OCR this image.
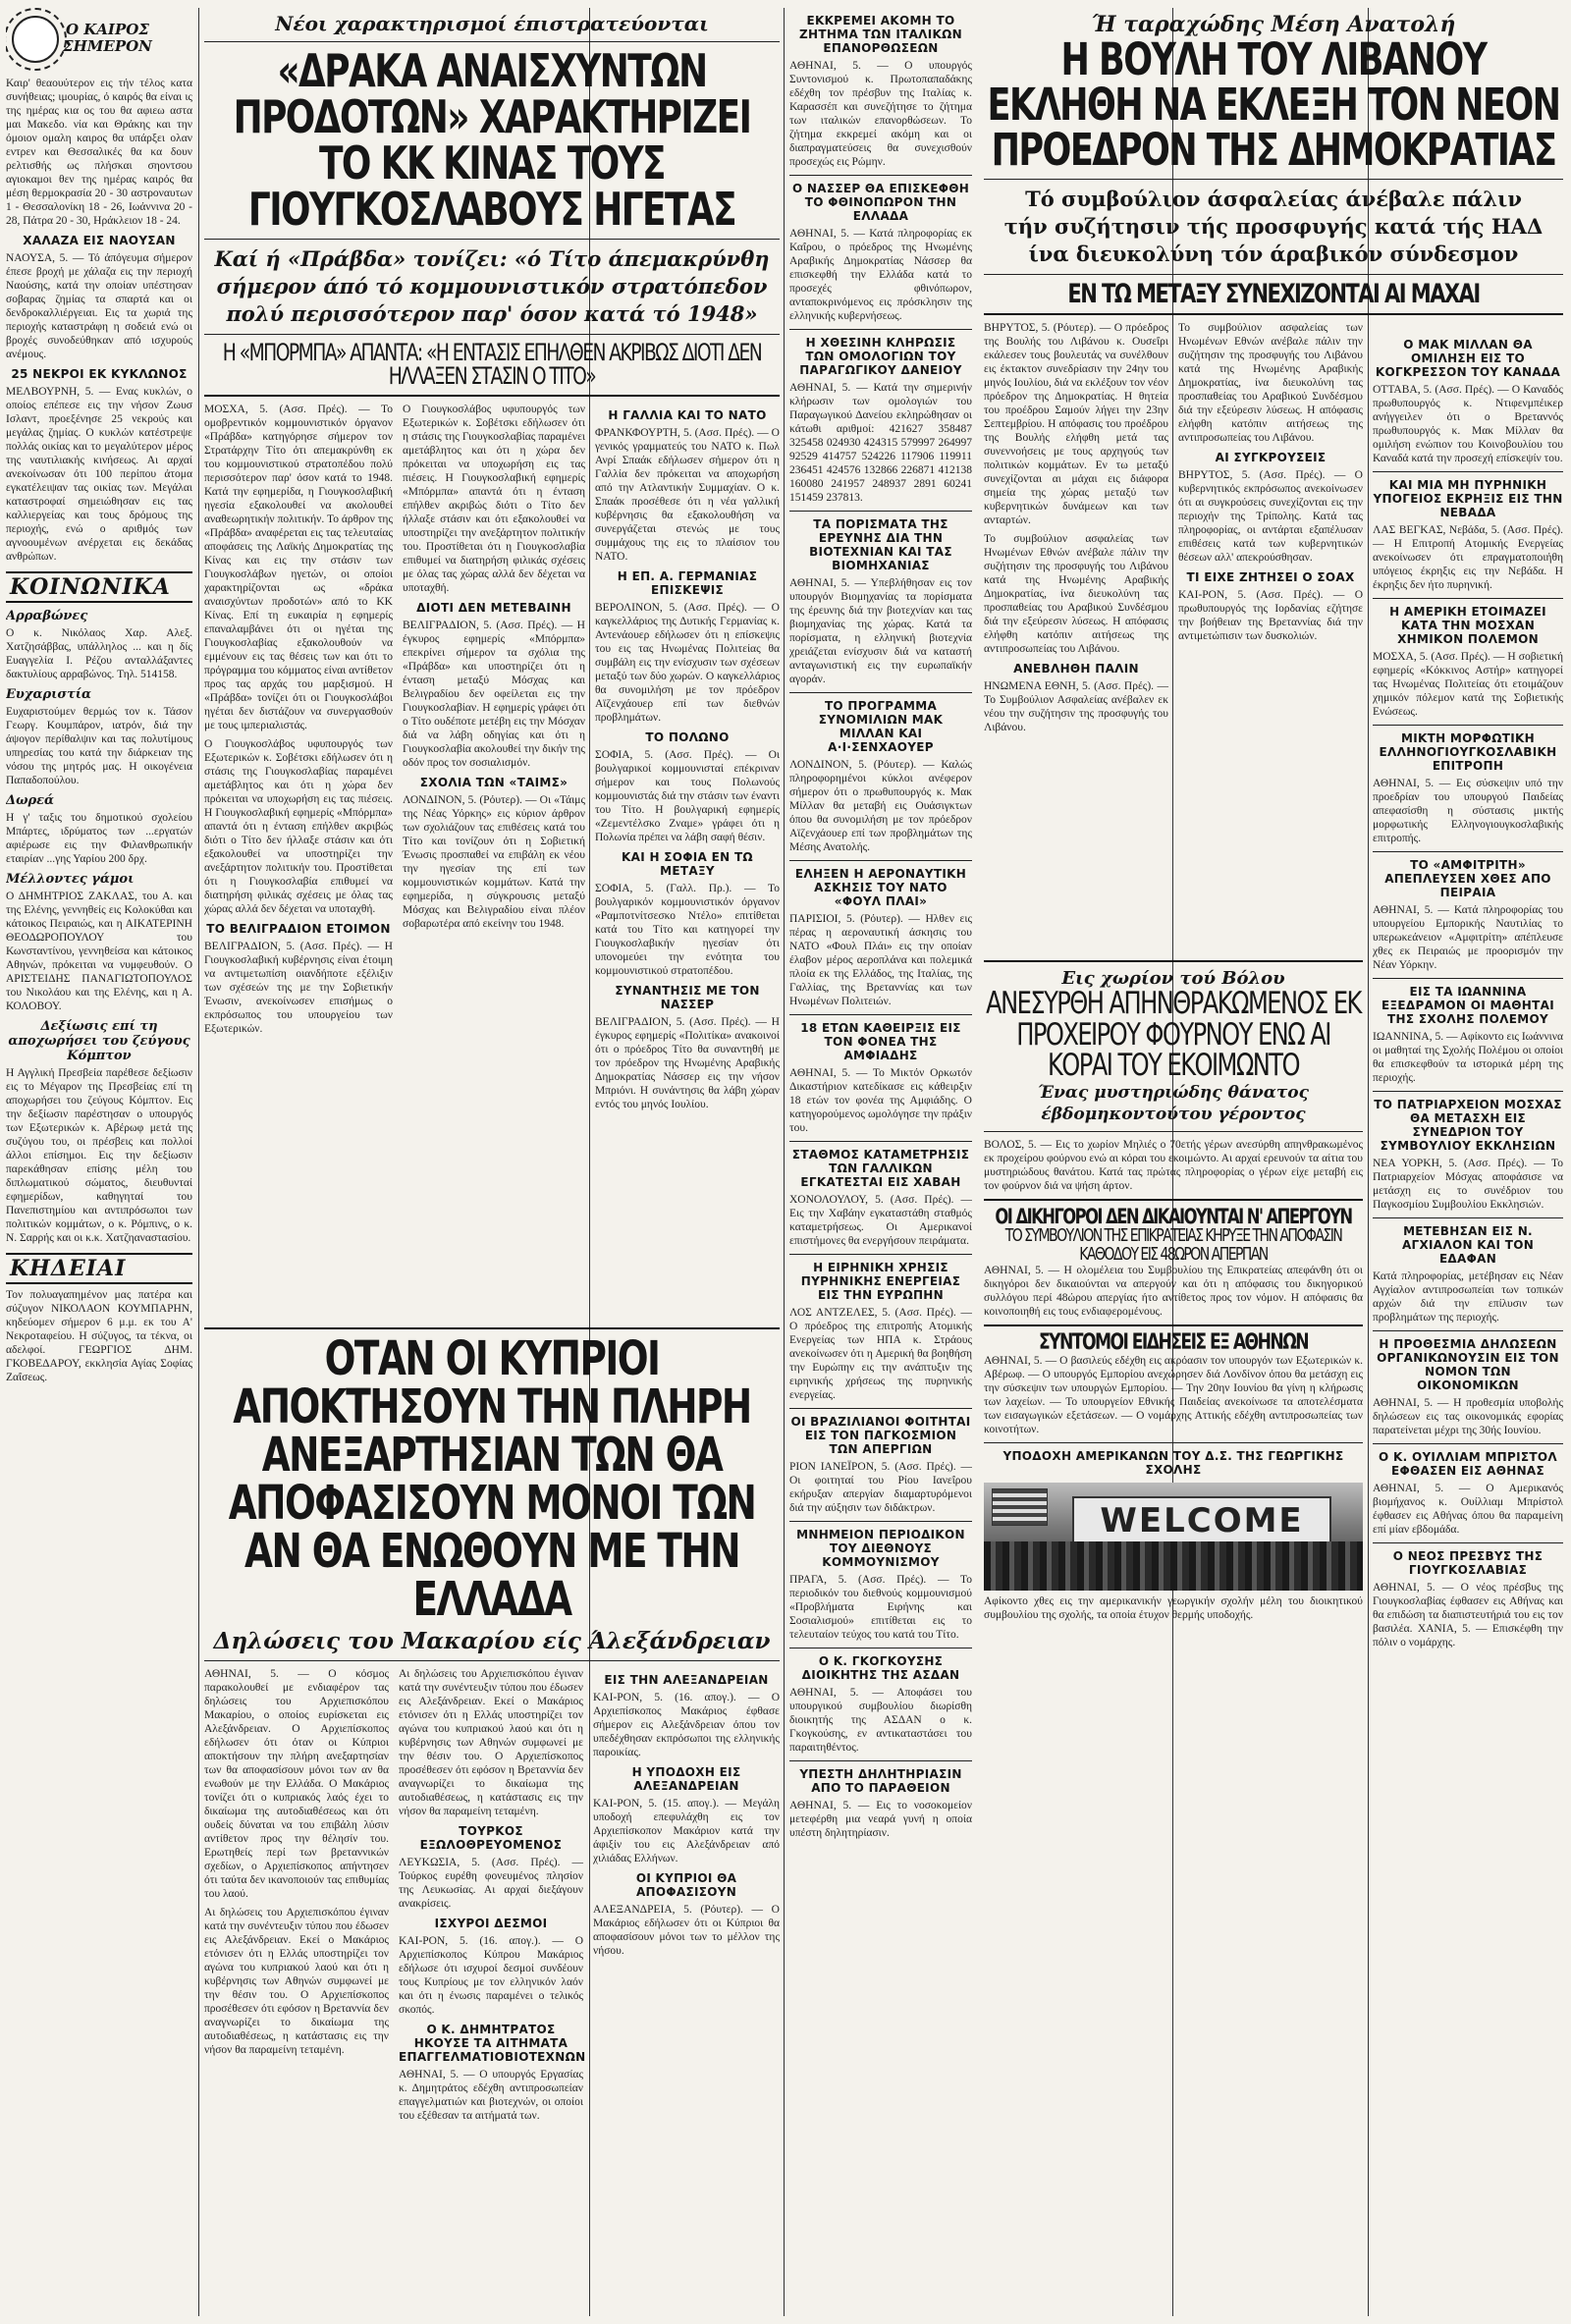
Ο ΚΑΙΡΟΣ
ΣΗΜΕΡΟΝ

Καιρ' θεαουύτερον εις τήν τέλος κατα συνήθειας; ιμουρίας, ό καιρός θα είναι ις της ημέρας κια ος του θα αφιεω αστα μαι Μακεδο. νία και Θράκης και την όμοιον ομαλη καιρος θα υπάρξει ολαν εντρεν και Θεσσαλικές θα κα δουν ρελτισθής ως πλήσκαι σηοντσου αγιοκαμοι θεν της ημέρας καιρός θα μέση θερμοκρασία 20 - 30 αστροναυτων 1 - Θεσσαλονίκη 18 - 26, Ιωάννινα 20 - 28, Πάτρα 20 - 30, Ηράκλειον 18 - 24.

ΧΑΛΑΖΑ ΕΙΣ ΝΑΟΥΣΑΝ

ΝΑΟΥΣΑ, 5. — Τό άπόγευμα σήμερον έπεσε βροχή με χάλαζα εις την περιοχή Ναούσης, κατά την οποίαν υπέστησαν σοβαρας ζημίας τα σπαρτά και οι δενδροκαλλιέργειαι. Εις τα χωριά της περιοχής καταστράφη η σοδειά ενώ οι βροχές συνοδεύθηκαν από ισχυρούς ανέμους.

25 ΝΕΚΡΟΙ ΕΚ ΚΥΚΛΩΝΟΣ

ΜΕΛΒΟΥΡΝΗ, 5. — Ενας κυκλών, ο οποίος επέπεσε εις την νήσον Ζωυσ Ισλαντ, προεξένησε 25 νεκρούς και μεγάλας ζημίας. Ο κυκλών κατέστρεψε πολλάς οικίας και το μεγαλύτερον μέρος της ναυτιλιακής κινήσεως. Αι αρχαί ανεκοίνωσαν ότι 100 περίπου άτομα εγκατέλειψαν τας οικίας των. Μεγάλαι καταστροφαί σημειώθησαν εις τας καλλιεργείας και τους δρόμους της περιοχής, ενώ ο αριθμός των αγνοουμένων ανέρχεται εις δεκάδας ανθρώπων.

ΚΟΙΝΩΝΙΚΑ
Αρραβώνες

Ο κ. Νικόλαος Χαρ. Αλεξ. Χατζησάββας, υπάλληλος ... και η δίς Ευαγγελία Ι. Ρέζου ανταλλάξαντες δακτυλίους αρραβώνος. Τηλ. 514158.

Ευχαριστία

Ευχαριστούμεν θερμώς τον κ. Τάσον Γεωργ. Κουμπάρον, ιατρόν, διά την άψογον περίθαλψιν και τας πολυτίμους υπηρεσίας του κατά την διάρκειαν της νόσου της μητρός μας. Η οικογένεια Παπαδοπούλου.

Δωρεά

Η γ' ταξις του δημοτικού σχολείου Μπάρτες, ιδρύματος των ...εργατών αφιέρωσε εις την Φιλανθρωπικήν εταιρίαν ...γης Υαρίου 200 δρχ.

Μέλλοντες γάμοι

Ο ΔΗΜΗΤΡΙΟΣ ΖΑΚΛΑΣ, του Α. και της Ελένης, γεννηθείς εις Κολοκύθαι και κάτοικος Πειραιώς, και η ΑΙΚΑΤΕΡΙΝΗ ΘΕΟΔΩΡΟΠΟΥΛΟΥ του Κωνσταντίνου, γεννηθείσα και κάτοικος Αθηνών, πρόκειται να νυμφευθούν. Ο ΑΡΙΣΤΕΙΔΗΣ ΠΑΝΑΓΙΩΤΟΠΟΥΛΟΣ του Νικολάου και της Ελένης, και η Α. ΚΟΛΟΒΟΥ.

Δεξίωσις επί τη αποχωρήσει του ζεύγους Κόμπτον

Η Αγγλική Πρεσβεία παρέθεσε δεξίωσιν εις το Μέγαρον της Πρεσβείας επί τη αποχωρήσει του ζεύγους Κόμπτον. Εις την δεξίωσιν παρέστησαν ο υπουργός των Εξωτερικών κ. Αβέρωφ μετά της συζύγου του, οι πρέσβεις και πολλοί άλλοι επίσημοι. Εις την δεξίωσιν παρεκάθησαν επίσης μέλη του διπλωματικού σώματος, διευθυνταί εφημερίδων, καθηγηταί του Πανεπιστημίου και αντιπρόσωποι των πολιτικών κομμάτων, ο κ. Ρόμπινς, ο κ. Ν. Σαρρής και οι κ.κ. Χατζηαναστασίου.

ΚΗΔΕΙΑΙ

Τον πολυαγαπημένον μας πατέρα και σύζυγον ΝΙΚΟΛΑΟΝ ΚΟΥΜΠΑΡΗΝ, κηδεύομεν σήμερον 6 μ.μ. εκ του Α' Νεκροταφείου. Η σύζυγος, τα τέκνα, οι αδελφοί. ΓΕΩΡΓΙΟΣ ΔΗΜ. ΓΚΟΒΕΔΑΡΟΥ, εκκλησία Αγίας Σοφίας Ζαΐσεως.

Νέοι χαρακτηρισμοί έπιστρατεύονται
«ΔΡΑΚΑ ΑΝΑΙΣΧΥΝΤΩΝ ΠΡΟΔΟΤΩΝ» ΧΑΡΑΚΤΗΡΙΖΕΙ ΤΟ ΚΚ ΚΙΝΑΣ ΤΟΥΣ ΓΙΟΥΓΚΟΣΛΑΒΟΥΣ ΗΓΕΤΑΣ
Καί ή «Πράβδα» τονίζει: «ό Τίτο άπεμακρύνθη σήμερον άπό τό κομμουνιστικόν στρατόπεδον πολύ περισσότερον παρ' όσον κατά τό 1948»
Η «ΜΠΟΡΜΠΑ» ΑΠΑΝΤΑ: «Η ΕΝΤΑΣΙΣ ΕΠΗΛΘΕΝ ΑΚΡΙΒΩΣ ΔΙΟΤΙ ΔΕΝ ΗΛΛΑΞΕΝ ΣΤΑΣΙΝ Ο ΤΙΤΟ»

ΜΟΣΧΑ, 5. (Ασσ. Πρές). — Το ομοβρεντικόν κομμουνιστικόν όργανον «Πράβδα» κατηγόρησε σήμερον τον Στρατάρχην Τίτο ότι απεμακρύνθη εκ του κομμουνιστικού στρατοπέδου πολύ περισσότερον παρ' όσον κατά το 1948. Κατά την εφημερίδα, η Γιουγκοσλαβική ηγεσία εξακολουθεί να ακολουθεί αναθεωρητικήν πολιτικήν. Το άρθρον της «Πράβδα» αναφέρεται εις τας τελευταίας αποφάσεις της Λαϊκής Δημοκρατίας της Κίνας και εις την στάσιν των Γιουγκοσλάβων ηγετών, οι οποίοι χαρακτηρίζονται ως «δράκα αναισχύντων προδοτών» από το ΚΚ Κίνας. Επί τη ευκαιρία η εφημερίς επαναλαμβάνει ότι οι ηγέται της Γιουγκοσλαβίας εξακολουθούν να εμμένουν εις τας θέσεις των και ότι το πρόγραμμα του κόμματος είναι αντίθετον προς τας αρχάς του μαρξισμού. Η «Πράβδα» τονίζει ότι οι Γιουγκοσλάβοι ηγέται δεν διστάζουν να συνεργασθούν με τους ιμπεριαλιστάς.

Ο Γιουγκοσλάβος υφυπουργός των Εξωτερικών κ. Σοβέτσκι εδήλωσεν ότι η στάσις της Γιουγκοσλαβίας παραμένει αμετάβλητος και ότι η χώρα δεν πρόκειται να υποχωρήση εις τας πιέσεις. Η Γιουγκοσλαβική εφημερίς «Μπόρμπα» απαντά ότι η ένταση επήλθεν ακριβώς διότι ο Τίτο δεν ήλλαξε στάσιν και ότι εξακολουθεί να υποστηρίζει την ανεξάρτητον πολιτικήν του. Προστίθεται ότι η Γιουγκοσλαβία επιθυμεί να διατηρήση φιλικάς σχέσεις με όλας τας χώρας αλλά δεν δέχεται να υποταχθή.

ΤΟ ΒΕΛΙΓΡΑΔΙΟΝ ΕΤΟΙΜΟΝ

ΒΕΛΙΓΡΑΔΙΟΝ, 5. (Ασσ. Πρές). — Η Γιουγκοσλαβική κυβέρνησις είναι έτοιμη να αντιμετωπίση οιανδήποτε εξέλιξιν των σχέσεών της με την Σοβιετικήν Ένωσιν, ανεκοίνωσεν επισήμως ο εκπρόσωπος του υπουργείου των Εξωτερικών.

Ο Γιουγκοσλάβος υφυπουργός των Εξωτερικών κ. Σοβέτσκι εδήλωσεν ότι η στάσις της Γιουγκοσλαβίας παραμένει αμετάβλητος και ότι η χώρα δεν πρόκειται να υποχωρήση εις τας πιέσεις. Η Γιουγκοσλαβική εφημερίς «Μπόρμπα» απαντά ότι η ένταση επήλθεν ακριβώς διότι ο Τίτο δεν ήλλαξε στάσιν και ότι εξακολουθεί να υποστηρίζει την ανεξάρτητον πολιτικήν του. Προστίθεται ότι η Γιουγκοσλαβία επιθυμεί να διατηρήση φιλικάς σχέσεις με όλας τας χώρας αλλά δεν δέχεται να υποταχθή.

ΔΙΟΤΙ ΔΕΝ ΜΕΤΕΒΑΙΝΗ

ΒΕΛΙΓΡΑΔΙΟΝ, 5. (Ασσ. Πρές). — Η έγκυρος εφημερίς «Μπόρμπα» επεκρίνει σήμερον τα σχόλια της «Πράβδα» και υποστηρίζει ότι η ένταση μεταξύ Μόσχας και Βελιγραδίου δεν οφείλεται εις την Γιουγκοσλαβίαν. Η εφημερίς γράφει ότι ο Τίτο ουδέποτε μετέβη εις την Μόσχαν διά να λάβη οδηγίας και ότι η Γιουγκοσλαβία ακολουθεί την δικήν της οδόν προς τον σοσιαλισμόν.

ΣΧΟΛΙΑ ΤΩΝ «ΤΑΙΜΣ»

ΛΟΝΔΙΝΟΝ, 5. (Ρόυτερ). — Οι «Τάιμς της Νέας Υόρκης» εις κύριον άρθρον των σχολιάζουν τας επιθέσεις κατά του Τίτο και τονίζουν ότι η Σοβιετική Ένωσις προσπαθεί να επιβάλη εκ νέου την ηγεσίαν της επί των κομμουνιστικών κομμάτων. Κατά την εφημερίδα, η σύγκρουσις μεταξύ Μόσχας και Βελιγραδίου είναι πλέον σοβαρωτέρα από εκείνην του 1948.

Η ΓΑΛΛΙΑ ΚΑΙ ΤΟ ΝΑΤΟ

ΦΡΑΝΚΦΟΥΡΤΗ, 5. (Ασσ. Πρές). — Ο γενικός γραμματεύς του ΝΑΤΟ κ. Πωλ Ανρί Σπαάκ εδήλωσεν σήμερον ότι η Γαλλία δεν πρόκειται να αποχωρήση από την Ατλαντικήν Συμμαχίαν. Ο κ. Σπαάκ προσέθεσε ότι η νέα γαλλική κυβέρνησις θα εξακολουθήση να συνεργάζεται στενώς με τους συμμάχους της εις το πλαίσιον του ΝΑΤΟ.

Η ΕΠ. Α. ΓΕΡΜΑΝΙΑΣ ΕΠΙΣΚΕΨΙΣ

ΒΕΡΟΛΙΝΟΝ, 5. (Ασσ. Πρές). — Ο καγκελλάριος της Δυτικής Γερμανίας κ. Αντενάουερ εδήλωσεν ότι η επίσκεψις του εις τας Ηνωμένας Πολιτείας θα συμβάλη εις την ενίσχυσιν των σχέσεων μεταξύ των δύο χωρών. Ο καγκελλάριος θα συνομιλήση με τον πρόεδρον Αϊζενχάουερ επί των διεθνών προβλημάτων.

ΤΟ ΠΟΛΩΝΟ

ΣΟΦΙΑ, 5. (Ασσ. Πρές). — Οι βουλγαρικοί κομμουνισταί επέκριναν σήμερον και τους Πολωνούς κομμουνιστάς διά την στάσιν των έναντι του Τίτο. Η βουλγαρική εφημερίς «Ζεμεντέλσκο Ζναμε» γράφει ότι η Πολωνία πρέπει να λάβη σαφή θέσιν.

ΚΑΙ Η ΣΟΦΙΑ ΕΝ ΤΩ ΜΕΤΑΞΥ

ΣΟΦΙΑ, 5. (Γαλλ. Πρ.). — Το βουλγαρικόν κομμουνιστικόν όργανον «Ραμποτνίτσεσκο Ντέλο» επιτίθεται κατά του Τίτο και κατηγορεί την Γιουγκοσλαβικήν ηγεσίαν ότι υπονομεύει την ενότητα του κομμουνιστικού στρατοπέδου.

ΣΥΝΑΝΤΗΣΙΣ ΜΕ ΤΟΝ ΝΑΣΣΕΡ

ΒΕΛΙΓΡΑΔΙΟΝ, 5. (Ασσ. Πρές). — Η έγκυρος εφημερίς «Πολιτίκα» ανακοινοί ότι ο πρόεδρος Τίτο θα συναντηθή με τον πρόεδρον της Ηνωμένης Αραβικής Δημοκρατίας Νάσσερ εις την νήσον Μπριόνι. Η συνάντησις θα λάβη χώραν εντός του μηνός Ιουλίου.

ΟΤΑΝ ΟΙ ΚΥΠΡΙΟΙ ΑΠΟΚΤΗΣΟΥΝ ΤΗΝ ΠΛΗΡΗ ΑΝΕΞΑΡΤΗΣΙΑΝ ΤΩΝ ΘΑ ΑΠΟΦΑΣΙΣΟΥΝ ΜΟΝΟΙ ΤΩΝ ΑΝ ΘΑ ΕΝΩΘΟΥΝ ΜΕ ΤΗΝ ΕΛΛΑΔΑ
Δηλώσεις του Μακαρίου είς Άλεξάνδρειαν

ΑΘΗΝΑΙ, 5. — Ο κόσμος παρακολουθεί με ενδιαφέρον τας δηλώσεις του Αρχιεπισκόπου Μακαρίου, ο οποίος ευρίσκεται εις Αλεξάνδρειαν. Ο Αρχιεπίσκοπος εδήλωσεν ότι όταν οι Κύπριοι αποκτήσουν την πλήρη ανεξαρτησίαν των θα αποφασίσουν μόνοι των αν θα ενωθούν με την Ελλάδα. Ο Μακάριος τονίζει ότι ο κυπριακός λαός έχει το δικαίωμα της αυτοδιαθέσεως και ότι ουδείς δύναται να του επιβάλη λύσιν αντίθετον προς την θέλησίν του. Ερωτηθείς περί των βρεταννικών σχεδίων, ο Αρχιεπίσκοπος απήντησεν ότι ταύτα δεν ικανοποιούν τας επιθυμίας του λαού.

Αι δηλώσεις του Αρχιεπισκόπου έγιναν κατά την συνέντευξιν τύπου που έδωσεν εις Αλεξάνδρειαν. Εκεί ο Μακάριος ετόνισεν ότι η Ελλάς υποστηρίζει τον αγώνα του κυπριακού λαού και ότι η κυβέρνησις των Αθηνών συμφωνεί με την θέσιν του. Ο Αρχιεπίσκοπος προσέθεσεν ότι εφόσον η Βρεταννία δεν αναγνωρίζει το δικαίωμα της αυτοδιαθέσεως, η κατάστασις εις την νήσον θα παραμείνη τεταμένη.

Αι δηλώσεις του Αρχιεπισκόπου έγιναν κατά την συνέντευξιν τύπου που έδωσεν εις Αλεξάνδρειαν. Εκεί ο Μακάριος ετόνισεν ότι η Ελλάς υποστηρίζει τον αγώνα του κυπριακού λαού και ότι η κυβέρνησις των Αθηνών συμφωνεί με την θέσιν του. Ο Αρχιεπίσκοπος προσέθεσεν ότι εφόσον η Βρεταννία δεν αναγνωρίζει το δικαίωμα της αυτοδιαθέσεως, η κατάστασις εις την νήσον θα παραμείνη τεταμένη.

ΤΟΥΡΚΟΣ ΕΞΩΛΟΘΡΕΥΟΜΕΝΟΣ

ΛΕΥΚΩΣΙΑ, 5. (Ασσ. Πρές). — Τούρκος ευρέθη φονευμένος πλησίον της Λευκωσίας. Αι αρχαί διεξάγουν ανακρίσεις.

ΙΣΧΥΡΟΙ ΔΕΣΜΟΙ

ΚΑΙ-ΡΟΝ, 5. (16. απογ.). — Ο Αρχιεπίσκοπος Κύπρου Μακάριος εδήλωσε ότι ισχυροί δεσμοί συνδέουν τους Κυπρίους με τον ελληνικόν λαόν και ότι η ένωσις παραμένει ο τελικός σκοπός.

Ο Κ. ΔΗΜΗΤΡΑΤΟΣ ΗΚΟΥΣΕ ΤΑ ΑΙΤΗΜΑΤΑ ΕΠΑΓΓΕΛΜΑΤΙΟΒΙΟΤΕΧΝΩΝ

ΑΘΗΝΑΙ, 5. — Ο υπουργός Εργασίας κ. Δημητράτος εδέχθη αντιπροσωπείαν επαγγελματιών και βιοτεχνών, οι οποίοι του εξέθεσαν τα αιτήματά των.

ΕΙΣ ΤΗΝ ΑΛΕΞΑΝΔΡΕΙΑΝ

ΚΑΙ-ΡΟΝ, 5. (16. απογ.). — Ο Αρχιεπίσκοπος Μακάριος έφθασε σήμερον εις Αλεξάνδρειαν όπου τον υπεδέχθησαν εκπρόσωποι της ελληνικής παροικίας.

Η ΥΠΟΔΟΧΗ ΕΙΣ ΑΛΕΞΑΝΔΡΕΙΑΝ

ΚΑΙ-ΡΟΝ, 5. (15. απογ.). — Μεγάλη υποδοχή επεφυλάχθη εις τον Αρχιεπίσκοπον Μακάριον κατά την άφιξίν του εις Αλεξάνδρειαν από χιλιάδας Ελλήνων.

ΟΙ ΚΥΠΡΙΟΙ ΘΑ ΑΠΟΦΑΣΙΣΟΥΝ

ΑΛΕΞΑΝΔΡΕΙΑ, 5. (Ρόυτερ). — Ο Μακάριος εδήλωσεν ότι οι Κύπριοι θα αποφασίσουν μόνοι των το μέλλον της νήσου.

ΕΚΚΡΕΜΕΙ ΑΚΟΜΗ ΤΟ ΖΗΤΗΜΑ ΤΩΝ ΙΤΑΛΙΚΩΝ ΕΠΑΝΟΡΘΩΣΕΩΝ

ΑΘΗΝΑΙ, 5. — Ο υπουργός Συντονισμού κ. Πρωτοπαπαδάκης εδέχθη τον πρέσβυν της Ιταλίας κ. Καρασσέπ και συνεζήτησε το ζήτημα των ιταλικών επανορθώσεων. Το ζήτημα εκκρεμεί ακόμη και οι διαπραγματεύσεις θα συνεχισθούν προσεχώς εις Ρώμην.

Ο ΝΑΣΣΕΡ ΘΑ ΕΠΙΣΚΕΦΘΗ ΤΟ ΦΘΙΝΟΠΩΡΟΝ ΤΗΝ ΕΛΛΑΔΑ

ΑΘΗΝΑΙ, 5. — Κατά πληροφορίας εκ Καΐρου, ο πρόεδρος της Ηνωμένης Αραβικής Δημοκρατίας Νάσσερ θα επισκεφθή την Ελλάδα κατά το προσεχές φθινόπωρον, ανταποκρινόμενος εις πρόσκλησιν της ελληνικής κυβερνήσεως.

Η ΧΘΕΣΙΝΗ ΚΛΗΡΩΣΙΣ ΤΩΝ ΟΜΟΛΟΓΙΩΝ ΤΟΥ ΠΑΡΑΓΩΓΙΚΟΥ ΔΑΝΕΙΟΥ

ΑΘΗΝΑΙ, 5. — Κατά την σημερινήν κλήρωσιν των ομολογιών του Παραγωγικού Δανείου εκληρώθησαν οι κάτωθι αριθμοί: 421627 358487 325458 024930 424315 579997 264997 92529 414757 524226 117906 119911 236451 424576 132866 226871 412138 160080 241957 248937 2891 60241 151459 237813.

ΤΑ ΠΟΡΙΣΜΑΤΑ ΤΗΣ ΕΡΕΥΝΗΣ ΔΙΑ ΤΗΝ ΒΙΟΤΕΧΝΙΑΝ ΚΑΙ ΤΑΣ ΒΙΟΜΗΧΑΝΙΑΣ

ΑΘΗΝΑΙ, 5. — Υπεβλήθησαν εις τον υπουργόν Βιομηχανίας τα πορίσματα της έρευνης διά την βιοτεχνίαν και τας βιομηχανίας της χώρας. Κατά τα πορίσματα, η ελληνική βιοτεχνία χρειάζεται ενίσχυσιν διά να καταστή ανταγωνιστική εις την ευρωπαϊκήν αγοράν.

ΤΟ ΠΡΟΓΡΑΜΜΑ ΣΥΝΟΜΙΛΙΩΝ ΜΑΚ ΜΙΛΛΑΝ ΚΑΙ Α·Ι·ΣΕΝΧΑΟΥΕΡ

ΛΟΝΔΙΝΟΝ, 5. (Ρόυτερ). — Καλώς πληροφορημένοι κύκλοι ανέφερον σήμερον ότι ο πρωθυπουργός κ. Μακ Μίλλαν θα μεταβή εις Ουάσιγκτων όπου θα συνομιλήση με τον πρόεδρον Αϊζενχάουερ επί των προβλημάτων της Μέσης Ανατολής.

ΕΛΗΞΕΝ Η ΑΕΡΟΝΑΥΤΙΚΗ ΑΣΚΗΣΙΣ ΤΟΥ ΝΑΤΟ «ΦΟΥΛ ΠΛΑΙ»

ΠΑΡΙΣΙΟΙ, 5. (Ρόυτερ). — Ηλθεν εις πέρας η αεροναυτική άσκησις του ΝΑΤΟ «Φουλ Πλάι» εις την οποίαν έλαβον μέρος αεροπλάνα και πολεμικά πλοία εκ της Ελλάδος, της Ιταλίας, της Γαλλίας, της Βρεταννίας και των Ηνωμένων Πολιτειών.

18 ΕΤΩΝ ΚΑΘΕΙΡΞΙΣ ΕΙΣ ΤΟΝ ΦΟΝΕΑ ΤΗΣ ΑΜΦΙΑΔΗΣ

ΑΘΗΝΑΙ, 5. — Το Μικτόν Ορκωτόν Δικαστήριον κατεδίκασε εις κάθειρξιν 18 ετών τον φονέα της Αμφιάδης. Ο κατηγορούμενος ωμολόγησε την πράξιν του.

ΣΤΑΘΜΟΣ ΚΑΤΑΜΕΤΡΗΣΙΣ ΤΩΝ ΓΑΛΛΙΚΩΝ ΕΓΚΑΤΕΣΤΑΙ ΕΙΣ ΧΑΒΑΗ

ΧΟΝΟΛΟΥΛΟΥ, 5. (Ασσ. Πρές). — Εις την Χαβάην εγκαταστάθη σταθμός καταμετρήσεως. Οι Αμερικανοί επιστήμονες θα ενεργήσουν πειράματα.

Η ΕΙΡΗΝΙΚΗ ΧΡΗΣΙΣ ΠΥΡΗΝΙΚΗΣ ΕΝΕΡΓΕΙΑΣ ΕΙΣ ΤΗΝ ΕΥΡΩΠΗΝ

ΛΟΣ ΑΝΤΖΕΛΕΣ, 5. (Ασσ. Πρές). — Ο πρόεδρος της επιτροπής Ατομικής Ενεργείας των ΗΠΑ κ. Στράους ανεκοίνωσεν ότι η Αμερική θα βοηθήση την Ευρώπην εις την ανάπτυξιν της ειρηνικής χρήσεως της πυρηνικής ενεργείας.

ΟΙ ΒΡΑΖΙΛΙΑΝΟΙ ΦΟΙΤΗΤΑΙ ΕΙΣ ΤΟΝ ΠΑΓΚΟΣΜΙΟΝ ΤΩΝ ΑΠΕΡΓΙΩΝ

ΡΙΟΝ ΙΑΝΕΪΡΟΝ, 5. (Ασσ. Πρές). — Οι φοιτηταί του Ρίου Ιανεΐρου εκήρυξαν απεργίαν διαμαρτυρόμενοι διά την αύξησιν των διδάκτρων.

ΜΝΗΜΕΙΟΝ ΠΕΡΙΟΔΙΚΟΝ ΤΟΥ ΔΙΕΘΝΟΥΣ ΚΟΜΜΟΥΝΙΣΜΟΥ

ΠΡΑΓΑ, 5. (Ασσ. Πρές). — Το περιοδικόν του διεθνούς κομμουνισμού «Προβλήματα Ειρήνης και Σοσιαλισμού» επιτίθεται εις το τελευταίον τεύχος του κατά του Τίτο.

Ο Κ. ΓΚΟΓΚΟΥΣΗΣ ΔΙΟΙΚΗΤΗΣ ΤΗΣ ΑΣΔΑΝ

ΑΘΗΝΑΙ, 5. — Αποφάσει του υπουργικού συμβουλίου διωρίσθη διοικητής της ΑΣΔΑΝ ο κ. Γκογκούσης, εν αντικαταστάσει του παραιτηθέντος.

ΥΠΕΣΤΗ ΔΗΛΗΤΗΡΙΑΣΙΝ ΑΠΟ ΤΟ ΠΑΡΑΘΕΙΟΝ

ΑΘΗΝΑΙ, 5. — Εις το νοσοκομείον μετεφέρθη μια νεαρά γυνή η οποία υπέστη δηλητηρίασιν.

Ή ταραχώδης Μέση Ανατολή
Η ΒΟΥΛΗ ΤΟΥ ΛΙΒΑΝΟΥ ΕΚΛΗΘΗ ΝΑ ΕΚΛΕΞΗ ΤΟΝ ΝΕΟΝ ΠΡΟΕΔΡΟΝ ΤΗΣ ΔΗΜΟΚΡΑΤΙΑΣ
Τό συμβούλιον άσφαλείας άνέβαλε πάλιν τήν συζήτησιν τής προσφυγής κατά τής ΗΑΔ ίνα διευκολύνη τόν άραβικόν σύνδεσμον
ΕΝ ΤΩ ΜΕΤΑΞΥ ΣΥΝΕΧΙΖΟΝΤΑΙ ΑΙ ΜΑΧΑΙ

ΒΗΡΥΤΟΣ, 5. (Ρόυτερ). — Ο πρόεδρος της Βουλής του Λιβάνου κ. Ουσεΐρι εκάλεσεν τους βουλευτάς να συνέλθουν εις έκτακτον συνεδρίασιν την 24ην του μηνός Ιουλίου, διά να εκλέξουν τον νέον πρόεδρον της Δημοκρατίας. Η θητεία του προέδρου Σαμούν λήγει την 23ην Σεπτεμβρίου. Η απόφασις του προέδρου της Βουλής ελήφθη μετά τας συνεννοήσεις με τους αρχηγούς των πολιτικών κομμάτων. Εν τω μεταξύ συνεχίζονται αι μάχαι εις διάφορα σημεία της χώρας μεταξύ των κυβερνητικών δυνάμεων και των ανταρτών.

Το συμβούλιον ασφαλείας των Ηνωμένων Εθνών ανέβαλε πάλιν την συζήτησιν της προσφυγής του Λιβάνου κατά της Ηνωμένης Αραβικής Δημοκρατίας, ίνα διευκολύνη τας προσπαθείας του Αραβικού Συνδέσμου διά την εξεύρεσιν λύσεως. Η απόφασις ελήφθη κατόπιν αιτήσεως της αντιπροσωπείας του Λιβάνου.

ΑΝΕΒΛΗΘΗ ΠΑΛΙΝ

ΗΝΩΜΕΝΑ ΕΘΝΗ, 5. (Ασσ. Πρές). — Το Συμβούλιον Ασφαλείας ανέβαλεν εκ νέου την συζήτησιν της προσφυγής του Λιβάνου.

Το συμβούλιον ασφαλείας των Ηνωμένων Εθνών ανέβαλε πάλιν την συζήτησιν της προσφυγής του Λιβάνου κατά της Ηνωμένης Αραβικής Δημοκρατίας, ίνα διευκολύνη τας προσπαθείας του Αραβικού Συνδέσμου διά την εξεύρεσιν λύσεως. Η απόφασις ελήφθη κατόπιν αιτήσεως της αντιπροσωπείας του Λιβάνου.

ΑΙ ΣΥΓΚΡΟΥΣΕΙΣ

ΒΗΡΥΤΟΣ, 5. (Ασσ. Πρές). — Ο κυβερνητικός εκπρόσωπος ανεκοίνωσεν ότι αι συγκρούσεις συνεχίζονται εις την περιοχήν της Τρίπολης. Κατά τας πληροφορίας, οι αντάρται εξαπέλυσαν επιθέσεις κατά των κυβερνητικών θέσεων αλλ' απεκρούσθησαν.

ΤΙ ΕΙΧΕ ΖΗΤΗΣΕΙ Ο ΣΟΑΧ

ΚΑΙ-ΡΟΝ, 5. (Ασσ. Πρές). — Ο πρωθυπουργός της Ιορδανίας εζήτησε την βοήθειαν της Βρεταννίας διά την αντιμετώπισιν των δυσκολιών.

Ο ΜΑΚ ΜΙΛΛΑΝ ΘΑ ΟΜΙΛΗΣΗ ΕΙΣ ΤΟ ΚΟΓΚΡΕΣΣΟΝ ΤΟΥ ΚΑΝΑΔΑ

ΟΤΤΑΒΑ, 5. (Ασσ. Πρές). — Ο Καναδός πρωθυπουργός κ. Ντιφενμπέικερ ανήγγειλεν ότι ο Βρεταννός πρωθυπουργός κ. Μακ Μίλλαν θα ομιλήση ενώπιον του Κοινοβουλίου του Καναδά κατά την προσεχή επίσκεψίν του.

ΚΑΙ ΜΙΑ ΜΗ ΠΥΡΗΝΙΚΗ ΥΠΟΓΕΙΟΣ ΕΚΡΗΞΙΣ ΕΙΣ ΤΗΝ ΝΕΒΑΔΑ

ΛΑΣ ΒΕΓΚΑΣ, Νεβάδα, 5. (Ασσ. Πρές). — Η Επιτροπή Ατομικής Ενεργείας ανεκοίνωσεν ότι επραγματοποιήθη υπόγειος έκρηξις εις την Νεβάδα. Η έκρηξις δεν ήτο πυρηνική.

Η ΑΜΕΡΙΚΗ ΕΤΟΙΜΑΖΕΙ ΚΑΤΑ ΤΗΝ ΜΟΣΧΑΝ ΧΗΜΙΚΟΝ ΠΟΛΕΜΟΝ

ΜΟΣΧΑ, 5. (Ασσ. Πρές). — Η σοβιετική εφημερίς «Κόκκινος Αστήρ» κατηγορεί τας Ηνωμένας Πολιτείας ότι ετοιμάζουν χημικόν πόλεμον κατά της Σοβιετικής Ενώσεως.

ΜΙΚΤΗ ΜΟΡΦΩΤΙΚΗ ΕΛΛΗΝΟΓΙΟΥΓΚΟΣΛΑΒΙΚΗ ΕΠΙΤΡΟΠΗ

ΑΘΗΝΑΙ, 5. — Εις σύσκεψιν υπό την προεδρίαν του υπουργού Παιδείας απεφασίσθη η σύστασις μικτής μορφωτικής Ελληνογιουγκοσλαβικής επιτροπής.

ΤΟ «ΑΜΦΙΤΡΙΤΗ» ΑΠΕΠΛΕΥΣΕΝ ΧΘΕΣ ΑΠΟ ΠΕΙΡΑΙΑ

ΑΘΗΝΑΙ, 5. — Κατά πληροφορίας του υπουργείου Εμπορικής Ναυτιλίας το υπερωκεάνειον «Αμφιτρίτη» απέπλευσε χθες εκ Πειραιώς με προορισμόν την Νέαν Υόρκην.

ΕΙΣ ΤΑ ΙΩΑΝΝΙΝΑ ΕΞΕΔΡΑΜΟΝ ΟΙ ΜΑΘΗΤΑΙ ΤΗΣ ΣΧΟΛΗΣ ΠΟΛΕΜΟΥ

ΙΩΑΝΝΙΝΑ, 5. — Αφίκοντο εις Ιωάννινα οι μαθηταί της Σχολής Πολέμου οι οποίοι θα επισκεφθούν τα ιστορικά μέρη της περιοχής.

ΤΟ ΠΑΤΡΙΑΡΧΕΙΟΝ ΜΟΣΧΑΣ ΘΑ ΜΕΤΑΣΧΗ ΕΙΣ ΣΥΝΕΔΡΙΟΝ ΤΟΥ ΣΥΜΒΟΥΛΙΟΥ ΕΚΚΛΗΣΙΩΝ

ΝΕΑ ΥΟΡΚΗ, 5. (Ασσ. Πρές). — Το Πατριαρχείον Μόσχας αποφάσισε να μετάσχη εις το συνέδριον του Παγκοσμίου Συμβουλίου Εκκλησιών.

ΜΕΤΕΒΗΣΑΝ ΕΙΣ Ν. ΑΓΧΙΑΛΟΝ ΚΑΙ ΤΟΝ ΕΔΑΦΑΝ

Κατά πληροφορίας, μετέβησαν εις Νέαν Αγχίαλον αντιπροσωπείαι των τοπικών αρχών διά την επίλυσιν των προβλημάτων της περιοχής.

Η ΠΡΟΘΕΣΜΙΑ ΔΗΛΩΣΕΩΝ ΟΡΓΑΝΙΚΩΝΟΥΣΙΝ ΕΙΣ ΤΟΝ ΝΟΜΟΝ ΤΩΝ ΟΙΚΟΝΟΜΙΚΩΝ

ΑΘΗΝΑΙ, 5. — Η προθεσμία υποβολής δηλώσεων εις τας οικονομικάς εφορίας παρατείνεται μέχρι της 30ής Ιουνίου.

Ο Κ. ΟΥΙΛΛΙΑΜ ΜΠΡΙΣΤΟΛ ΕΦΘΑΣΕΝ ΕΙΣ ΑΘΗΝΑΣ

ΑΘΗΝΑΙ, 5. — Ο Αμερικανός βιομήχανος κ. Ουίλλιαμ Μπρίστολ έφθασεν εις Αθήνας όπου θα παραμείνη επί μίαν εβδομάδα.

Ο ΝΕΟΣ ΠΡΕΣΒΥΣ ΤΗΣ ΓΙΟΥΓΚΟΣΛΑΒΙΑΣ

ΑΘΗΝΑΙ, 5. — Ο νέος πρέσβυς της Γιουγκοσλαβίας έφθασεν εις Αθήνας και θα επιδώση τα διαπιστευτήριά του εις τον βασιλέα. ΧΑΝΙΑ, 5. — Επισκέφθη την πόλιν ο νομάρχης.

Εις χωρίον τού Βόλου
ΑΝΕΣΥΡΘΗ ΑΠΗΝΘΡΑΚΩΜΕΝΟΣ ΕΚ ΠΡΟΧΕΙΡΟΥ ΦΟΥΡΝΟΥ ΕΝΩ ΑΙ ΚΟΡΑΙ ΤΟΥ ΕΚΟΙΜΩΝΤΟ
Ένας μυστηριώδης θάνατος έβδομηκοντούτου γέροντος

ΒΟΛΟΣ, 5. — Εις το χωρίον Μηλιές ο 70ετής γέρων ανεσύρθη απηνθρακωμένος εκ προχείρου φούρνου ενώ αι κόραι του εκοιμώντο. Αι αρχαί ερευνούν τα αίτια του μυστηριώδους θανάτου. Κατά τας πρώτας πληροφορίας ο γέρων είχε μεταβή εις τον φούρνον διά να ψήση άρτον.

ΟΙ ΔΙΚΗΓΟΡΟΙ ΔΕΝ ΔΙΚΑΙΟΥΝΤΑΙ Ν' ΑΠΕΡΓΟΥΝ
ΤΟ ΣΥΜΒΟΥΛΙΟΝ ΤΗΣ ΕΠΙΚΡΑΤΕΙΑΣ ΚΗΡΥΞΕ ΤΗΝ ΑΠΟΦΑΣΙΝ ΚΑΘΟΔΟΥ ΕΙΣ 48ΩΡΟΝ ΑΠΕΡΓΙΑΝ

ΑΘΗΝΑΙ, 5. — Η ολομέλεια του Συμβουλίου της Επικρατείας απεφάνθη ότι οι δικηγόροι δεν δικαιούνται να απεργούν και ότι η απόφασις του δικηγορικού συλλόγου περί 48ώρου απεργίας ήτο αντίθετος προς τον νόμον. Η απόφασις θα κοινοποιηθή εις τους ενδιαφερομένους.

ΣΥΝΤΟΜΟΙ ΕΙΔΗΣΕΙΣ ΕΞ ΑΘΗΝΩΝ

ΑΘΗΝΑΙ, 5. — Ο βασιλεύς εδέχθη εις ακρόασιν τον υπουργόν των Εξωτερικών κ. Αβέρωφ. — Ο υπουργός Εμπορίου ανεχώρησεν διά Λονδίνον όπου θα μετάσχη εις την σύσκεψιν των υπουργών Εμπορίου. — Την 20ην Ιουνίου θα γίνη η κλήρωσις των λαχείων. — Το υπουργείον Εθνικής Παιδείας ανεκοίνωσε τα αποτελέσματα των εισαγωγικών εξετάσεων. — Ο νομάρχης Αττικής εδέχθη αντιπροσωπείας των κοινοτήτων.

ΥΠΟΔΟΧΗ ΑΜΕΡΙΚΑΝΩΝ ΤΟΥ Δ.Σ. ΤΗΣ ΓΕΩΡΓΙΚΗΣ ΣΧΟΛΗΣ
WELCOME

Αφίκοντο χθες εις την αμερικανικήν γεωργικήν σχολήν μέλη του διοικητικού συμβουλίου της σχολής, τα οποία έτυχον θερμής υποδοχής.
